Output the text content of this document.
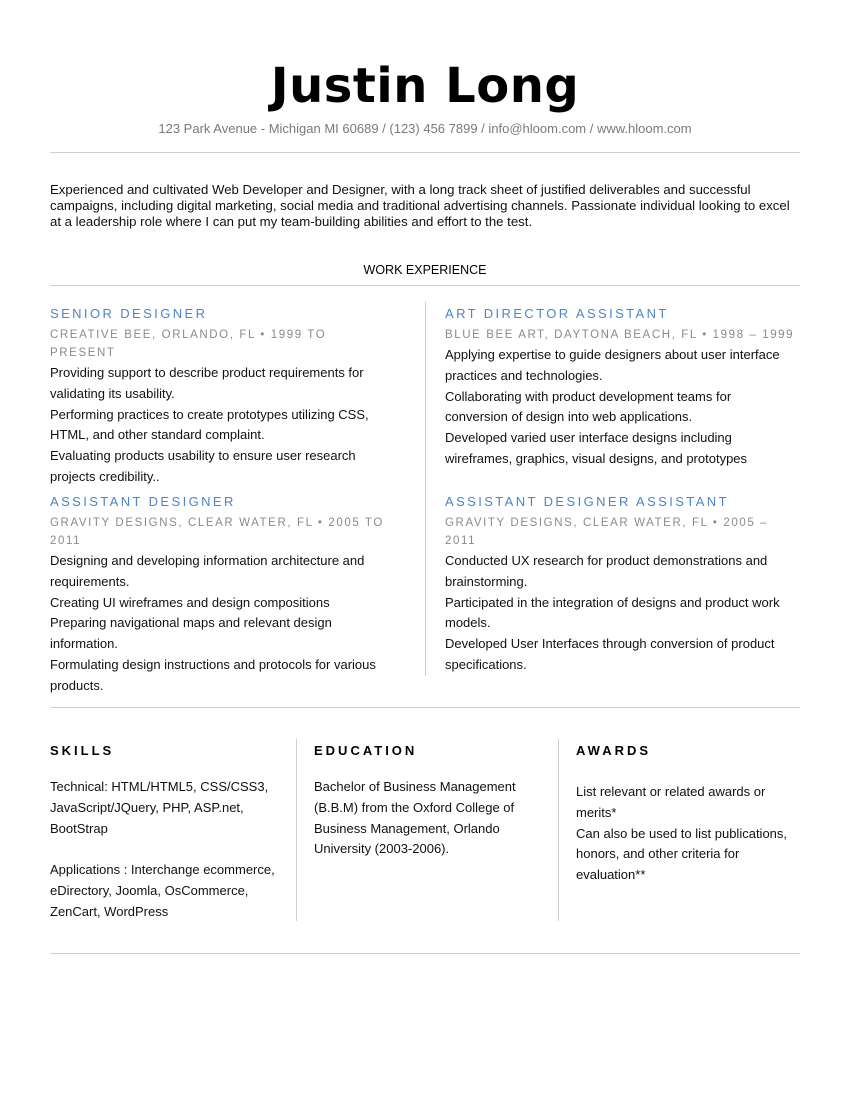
Justin Long
123 Park Avenue - Michigan MI 60689 / (123) 456 7899 / info@hloom.com / www.hloom.com
Experienced and cultivated Web Developer and Designer, with a long track sheet of justified deliverables and successful
campaigns, including digital marketing, social media and traditional advertising channels. Passionate individual looking to excel
at a leadership role where I can put my team-building abilities and effort to the test.
WORK EXPERIENCE
SENIOR DESIGNER
CREATIVE BEE, ORLANDO, FL • 1999 TO PRESENT
Providing support to describe product requirements for
validating its usability.
Performing practices to create prototypes utilizing CSS,
HTML, and other standard complaint.
Evaluating products usability to ensure user research
projects credibility..
ART DIRECTOR ASSISTANT
BLUE BEE ART, DAYTONA BEACH, FL • 1998 – 1999
Applying expertise to guide designers about user interface
practices and technologies.
Collaborating with product development teams for
conversion of design into web applications.
Developed varied user interface designs including
wireframes, graphics, visual designs, and prototypes
ASSISTANT DESIGNER
GRAVITY DESIGNS, CLEAR WATER, FL • 2005 TO 2011
Designing and developing information architecture and
requirements.
Creating UI wireframes and design compositions
Preparing navigational maps and relevant design
information.
Formulating design instructions and protocols for various
products.
ASSISTANT DESIGNER ASSISTANT
GRAVITY DESIGNS, CLEAR WATER, FL • 2005 – 2011
Conducted UX research for product demonstrations and
brainstorming.
Participated in the integration of designs and product work
models.
Developed User Interfaces through conversion of product
specifications.
SKILLS
Technical: HTML/HTML5, CSS/CSS3,
JavaScript/JQuery, PHP, ASP.net,
BootStrap
Applications : Interchange ecommerce,
eDirectory, Joomla, OsCommerce,
ZenCart, WordPress
EDUCATION
Bachelor of Business Management
(B.B.M) from the Oxford College of
Business Management, Orlando
University (2003-2006).
AWARDS
List relevant or related awards or
merits*
Can also be used to list publications,
honors, and other criteria for
evaluation**
